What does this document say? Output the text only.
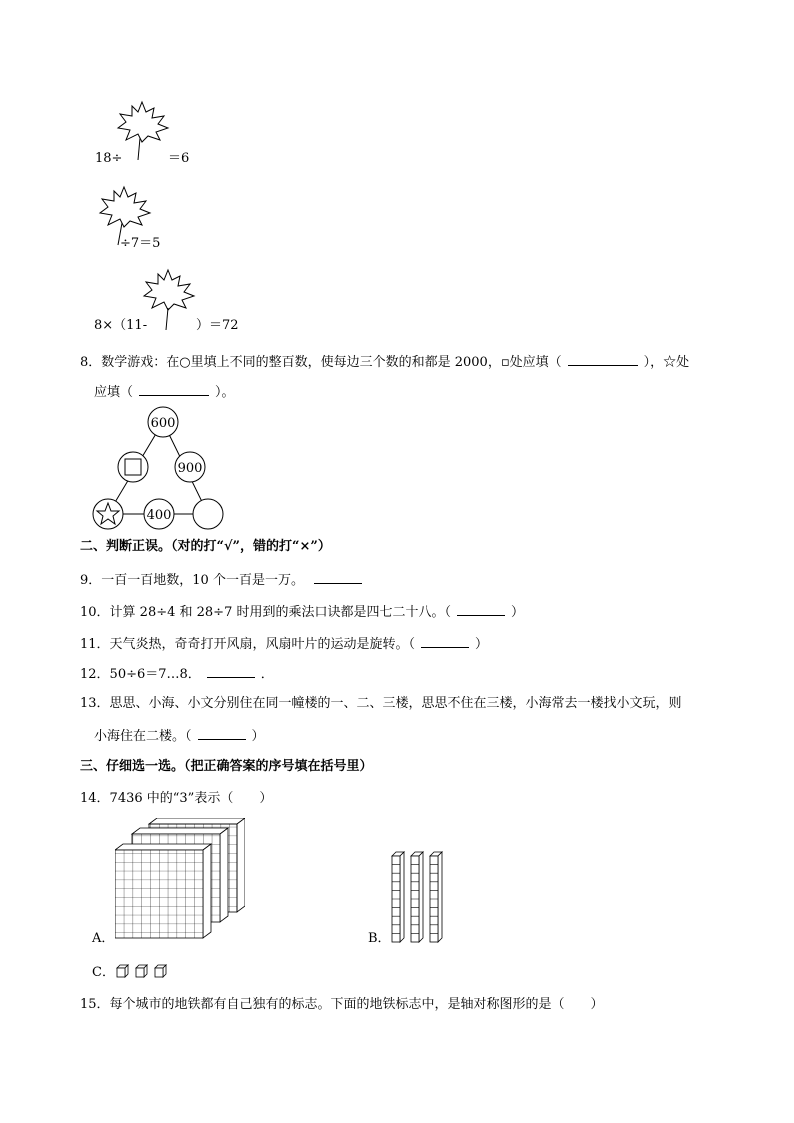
18÷	＝6
÷7＝5
8×（11-	）＝72
8．数学游戏：在○里填上不同的整百数，使每边三个数的和都是 2000，▫处应填（	），☆处
应填（	）。
600
900
400
二、判断正误。（对的打“√”，错的打“×”）
9．一百一百地数，10 个一百是一万。
10．计算 28÷4 和 28÷7 时用到的乘法口诀都是四七二十八。（	）
11．天气炎热，奇奇打开风扇，风扇叶片的运动是旋转。（	）
12．50÷6＝7…8．	．
13．思思、小海、小文分别住在同一幢楼的一、二、三楼，思思不住在三楼，小海常去一楼找小文玩，则
小海住在二楼。（	）
三、仔细选一选。（把正确答案的序号填在括号里）
14．7436 中的“3”表示（　　）
A．	B．
C．
15．每个城市的地铁都有自己独有的标志。下面的地铁标志中，是轴对称图形的是（　　）
